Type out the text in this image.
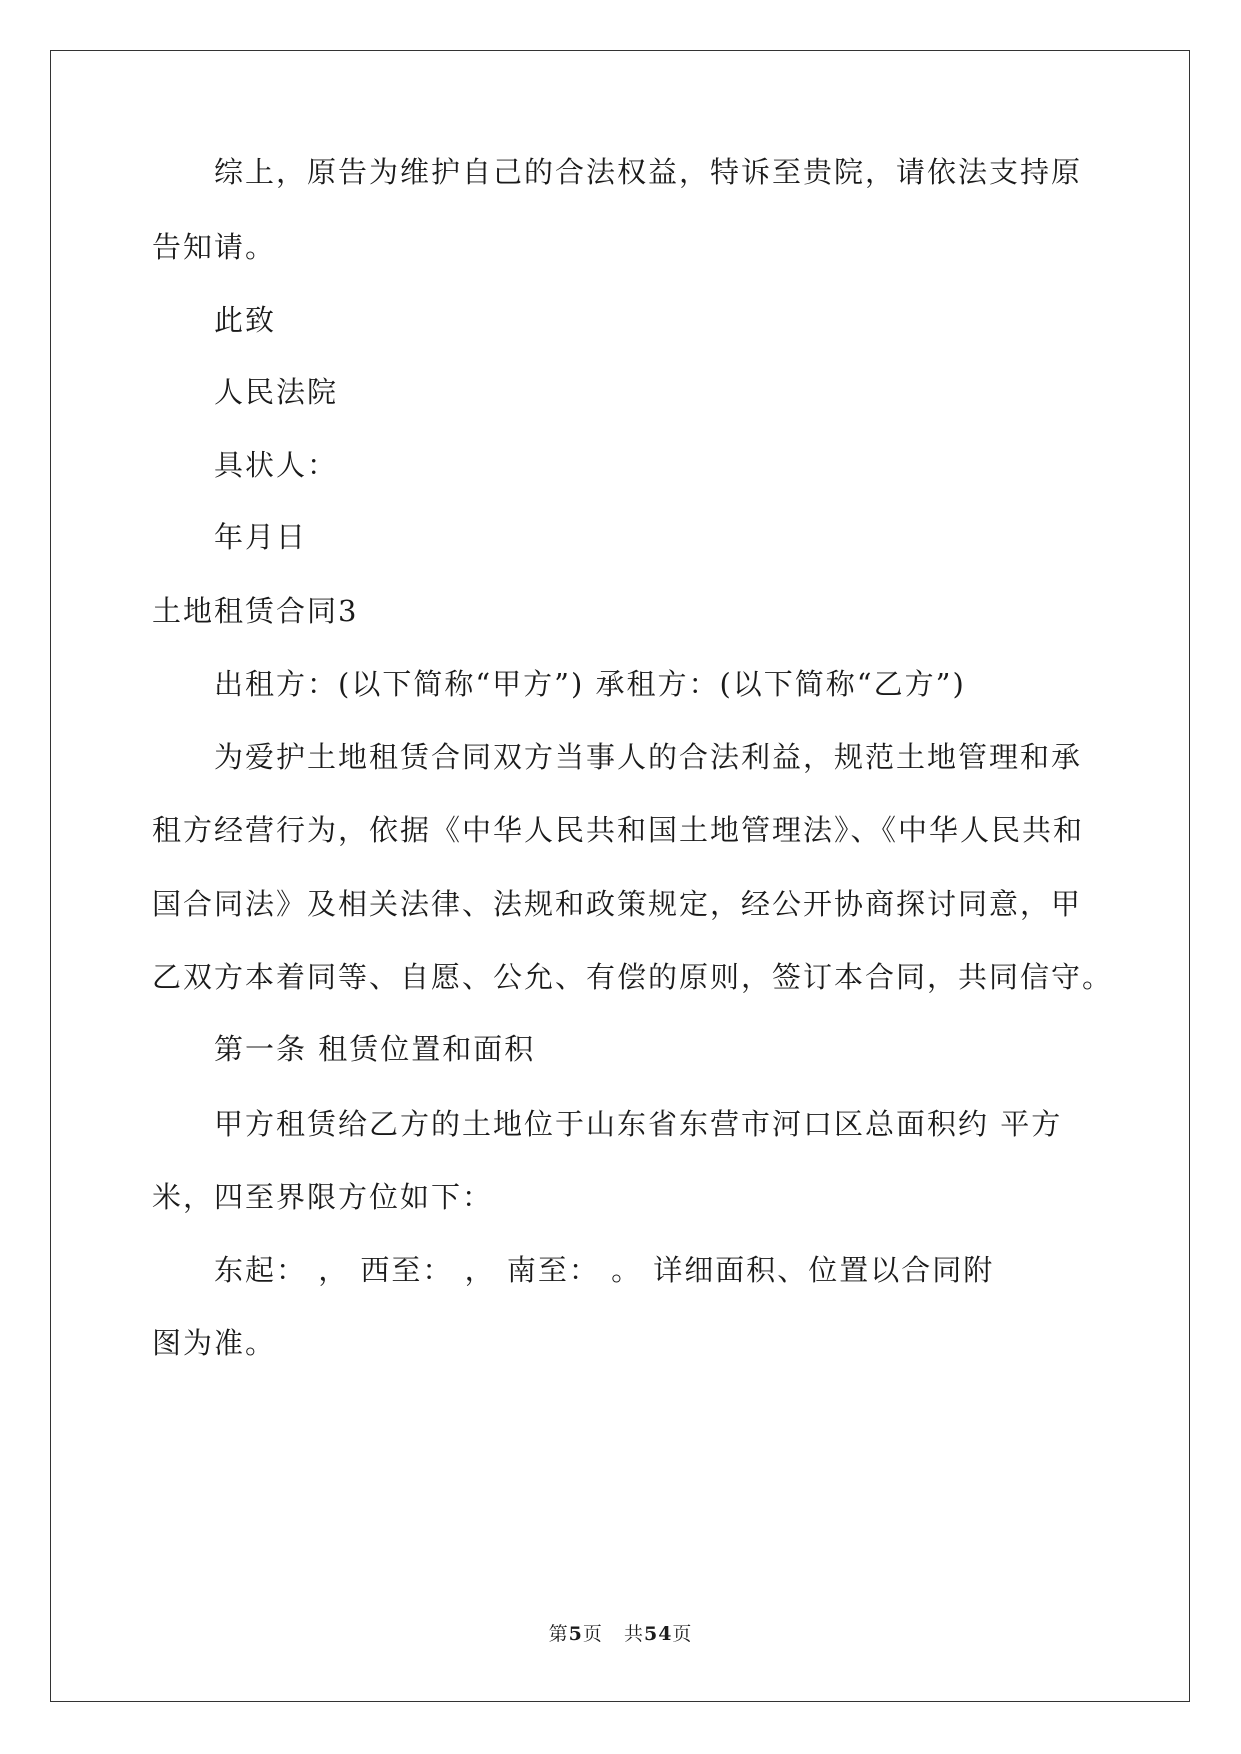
综上，原告为维护自己的合法权益，特诉至贵院，请依法支持原
告知请。
此致
人民法院
具状人：
年月日
土地租赁合同3
出租方：(以下简称“甲方”) 承租方：(以下简称“乙方”)
为爱护土地租赁合同双方当事人的合法利益，规范土地管理和承
租方经营行为，依据《中华人民共和国土地管理法》、《中华人民共和
国合同法》及相关法律、法规和政策规定，经公开协商探讨同意，甲
乙双方本着同等、自愿、公允、有偿的原则，签订本合同，共同信守。
第一条 租赁位置和面积
甲方租赁给乙方的土地位于山东省东营市河口区总面积约 平方
米，四至界限方位如下：
东起： ， 西至： ， 南至： 。 详细面积、位置以合同附
图为准。
第5页 共54页
